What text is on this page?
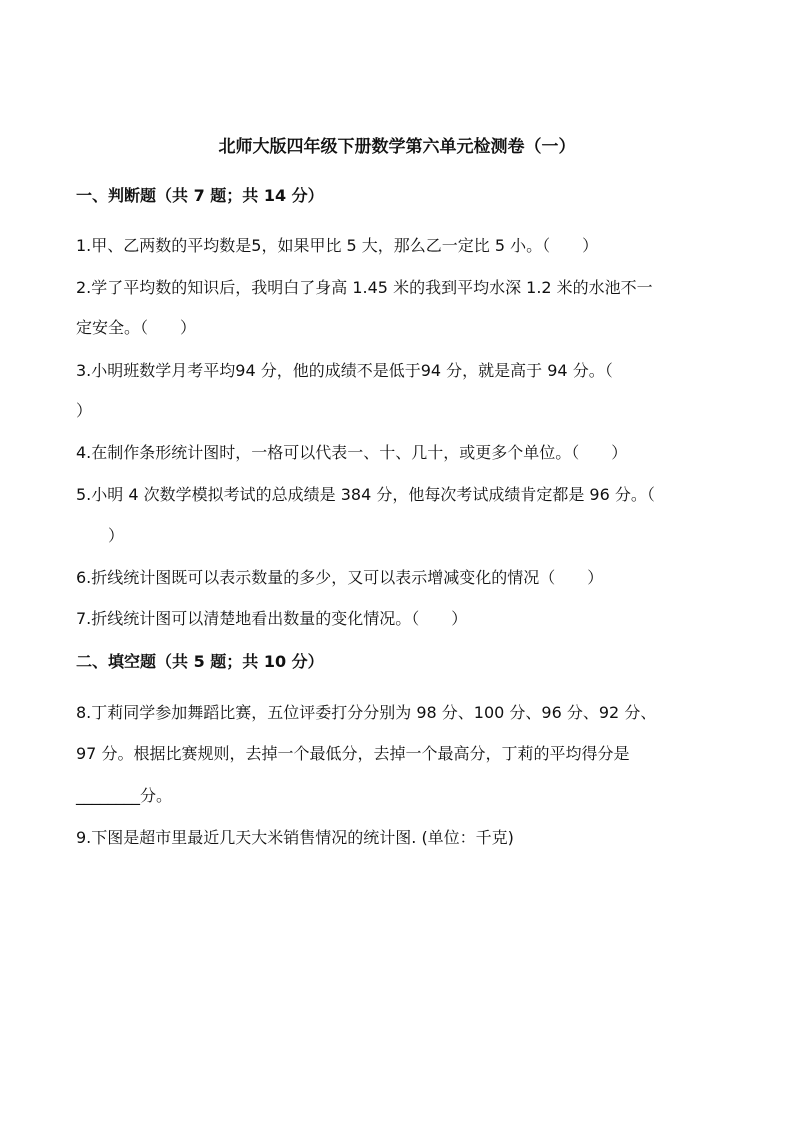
北师大版四年级下册数学第六单元检测卷（一）
一、判断题（共 7 题；共 14 分）
1.甲、乙两数的平均数是5，如果甲比 5 大，那么乙一定比 5 小。（　　）
2.学了平均数的知识后，我明白了身高 1.45 米的我到平均水深 1.2 米的水池不一
定安全。（　　）
3.小明班数学月考平均94 分，他的成绩不是低于94 分，就是高于 94 分。（
）
4.在制作条形统计图时，一格可以代表一、十、几十，或更多个单位。（　　）
5.小明 4 次数学模拟考试的总成绩是 384 分，他每次考试成绩肯定都是 96 分。（
）
6.折线统计图既可以表示数量的多少，又可以表示增减变化的情况（　　）
7.折线统计图可以清楚地看出数量的变化情况。（　　）
二、填空题（共 5 题；共 10 分）
8.丁莉同学参加舞蹈比赛，五位评委打分分别为 98 分、100 分、96 分、92 分、
97 分。根据比赛规则，去掉一个最低分，去掉一个最高分，丁莉的平均得分是
________分。
9.下图是超市里最近几天大米销售情况的统计图. (单位：千克)
